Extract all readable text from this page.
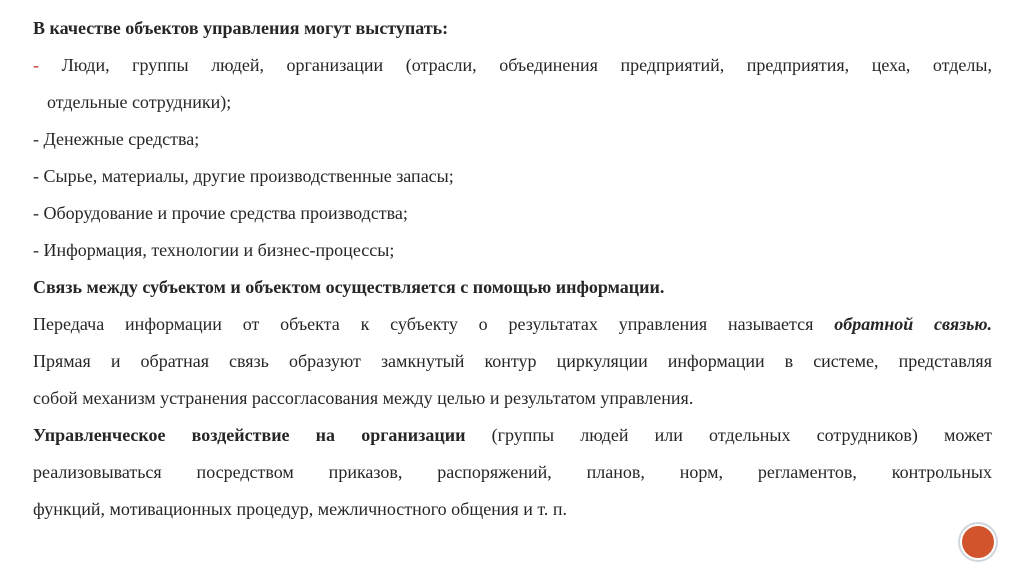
В качестве объектов управления могут выступать:
- Люди, группы людей, организации (отрасли, объединения предприятий, предприятия, цеха, отделы,
отдельные сотрудники);
- Денежные средства;
- Сырье, материалы, другие производственные запасы;
- Оборудование и прочие средства производства;
- Информация, технологии и бизнес-процессы;
Связь между субъектом и объектом осуществляется с помощью информации.
Передача информации от объекта к субъекту о результатах управления называется обратной связью.
Прямая и обратная связь образуют замкнутый контур циркуляции информации в системе, представляя
собой механизм устранения рассогласования между целью и результатом управления.
Управленческое воздействие на организации (группы людей или отдельных сотрудников) может
реализовываться посредством приказов, распоряжений, планов, норм, регламентов, контрольных
функций, мотивационных процедур, межличностного общения и т. п.
